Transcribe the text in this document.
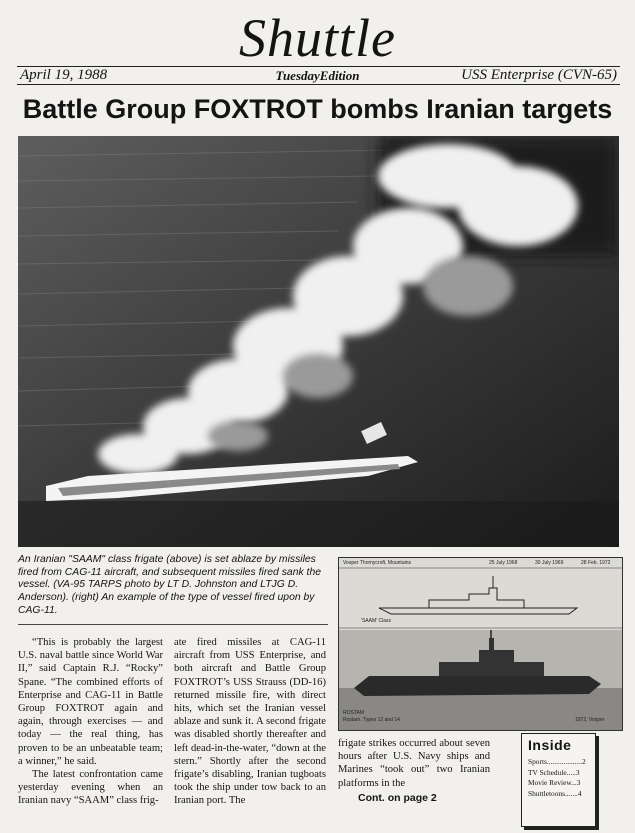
Shuttle
April 19, 1988	TuesdayEdition	USS Enterprise (CVN-65)
Battle Group FOXTROT bombs Iranian targets
An Iranian "SAAM" class frigate (above) is set ablaze by missiles fired from CAG-11 aircraft, and subsequent missiles fired sank the vessel. (VA-95 TARPS photo by LT D. Johnston and LTJG D. Anderson). (right) An example of the type of vessel fired upon by CAG-11.
Vosper Thornycroft, Mountains	25 July 1968	30 July 1969	28 Feb. 1972
'SAAM' Class
ROSTAM
Rostam. Types 12 and 14	1972, Vosper

“This is probably the largest U.S. naval battle since World War II,” said Captain R.J. “Rocky” Spane. “The combined efforts of Enterprise and CAG-11 in Battle Group FOXTROT again and again, through exercises — and today — the real thing, has proven to be an unbeatable team; a winner,” he said.

The latest confrontation came yesterday evening when an Iranian navy “SAAM” class frig-

ate fired missiles at CAG-11 aircraft from USS Enterprise, and both aircraft and Battle Group FOXTROT’s USS Strauss (DD-16) returned missile fire, with direct hits, which set the Iranian vessel ablaze and sunk it. A second frigate was disabled shortly thereafter and left dead-in-the-water, “down at the stern.” Shortly after the second frigate’s disabling, Iranian tugboats took the ship under tow back to an Iranian port. The

frigate strikes occurred about seven hours after U.S. Navy ships and Marines “took out” two Iranian platforms in the

Cont. on page 2
Inside
Sports...................2
TV Schedule.....3
Movie Review...3
Shuttletoons.......4
